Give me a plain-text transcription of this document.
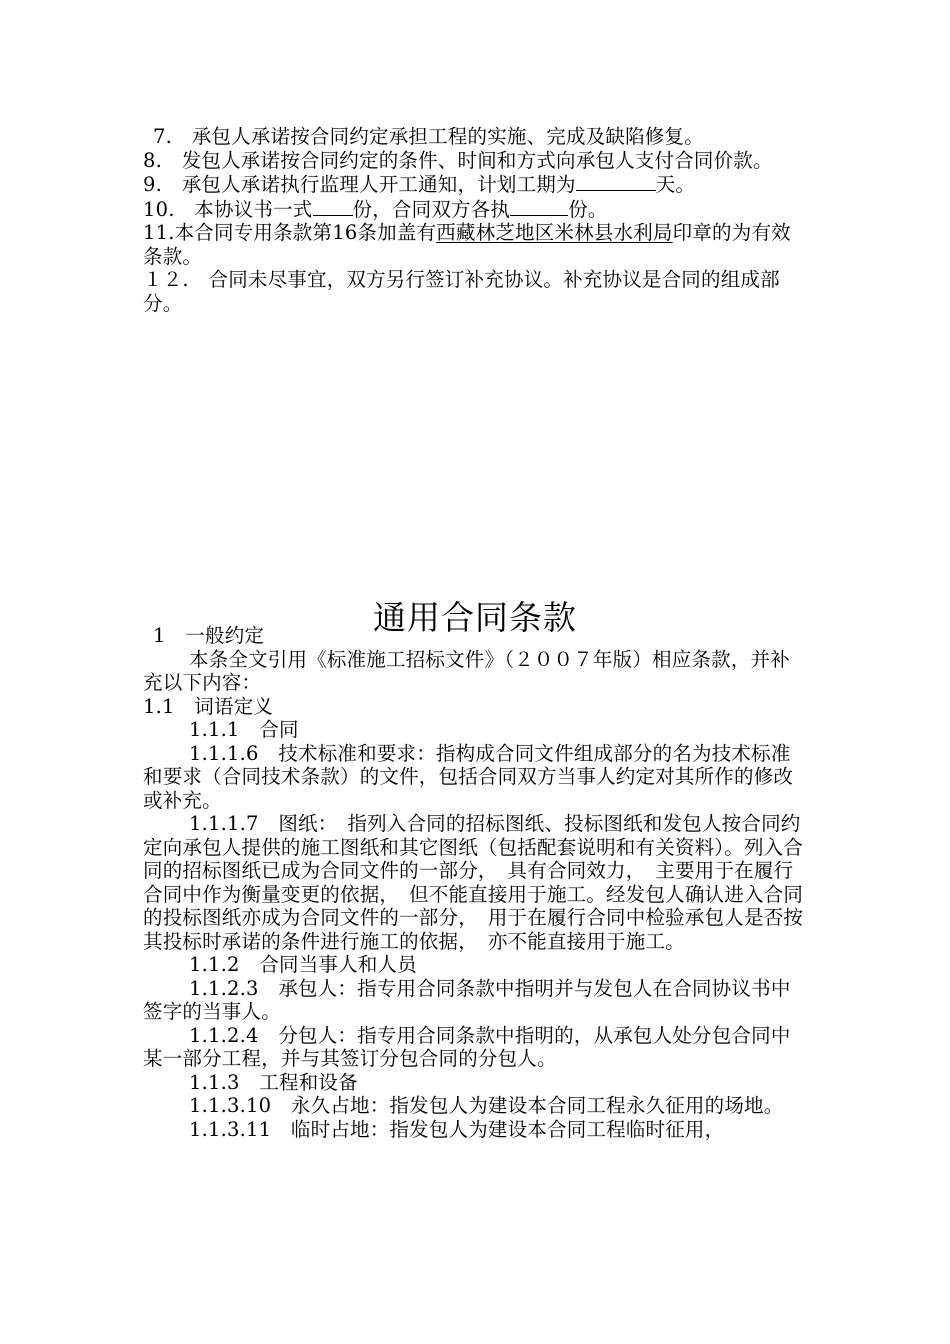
7.　承包人承诺按合同约定承担工程的实施、完成及缺陷修复。

8.　发包人承诺按合同约定的条件、时间和方式向承包人支付合同价款。

9.　承包人承诺执行监理人开工通知，计划工期为	天。

10.　本协议书一式 份，合同双方各执	份。

11.本合同专用条款第16条加盖有西藏林芝地区米林县水利局印章的为有效条款。

１２.　合同未尽事宜，双方另行签订补充协议。补充协议是合同的组成部分。

通用合同条款

1　一般约定

本条全文引用《标准施工招标文件》（２００７年版）相应条款，并补充以下内容：

1.1　词语定义

1.1.1　合同

1.1.1.6　技术标准和要求：指构成合同文件组成部分的名为技术标准和要求（合同技术条款）的文件，包括合同双方当事人约定对其所作的修改或补充。

1.1.1.7　图纸：　指列入合同的招标图纸、投标图纸和发包人按合同约定向承包人提供的施工图纸和其它图纸（包括配套说明和有关资料）。列入合同的招标图纸已成为合同文件的一部分，　具有合同效力，　主要用于在履行合同中作为衡量变更的依据，　但不能直接用于施工。经发包人确认进入合同的投标图纸亦成为合同文件的一部分，　用于在履行合同中检验承包人是否按其投标时承诺的条件进行施工的依据，　亦不能直接用于施工。

1.1.2　合同当事人和人员

1.1.2.3　承包人：指专用合同条款中指明并与发包人在合同协议书中签字的当事人。

1.1.2.4　分包人：指专用合同条款中指明的，从承包人处分包合同中某一部分工程，并与其签订分包合同的分包人。

1.1.3　工程和设备

1.1.3.10　永久占地：指发包人为建设本合同工程永久征用的场地。

1.1.3.11　临时占地：指发包人为建设本合同工程临时征用，
